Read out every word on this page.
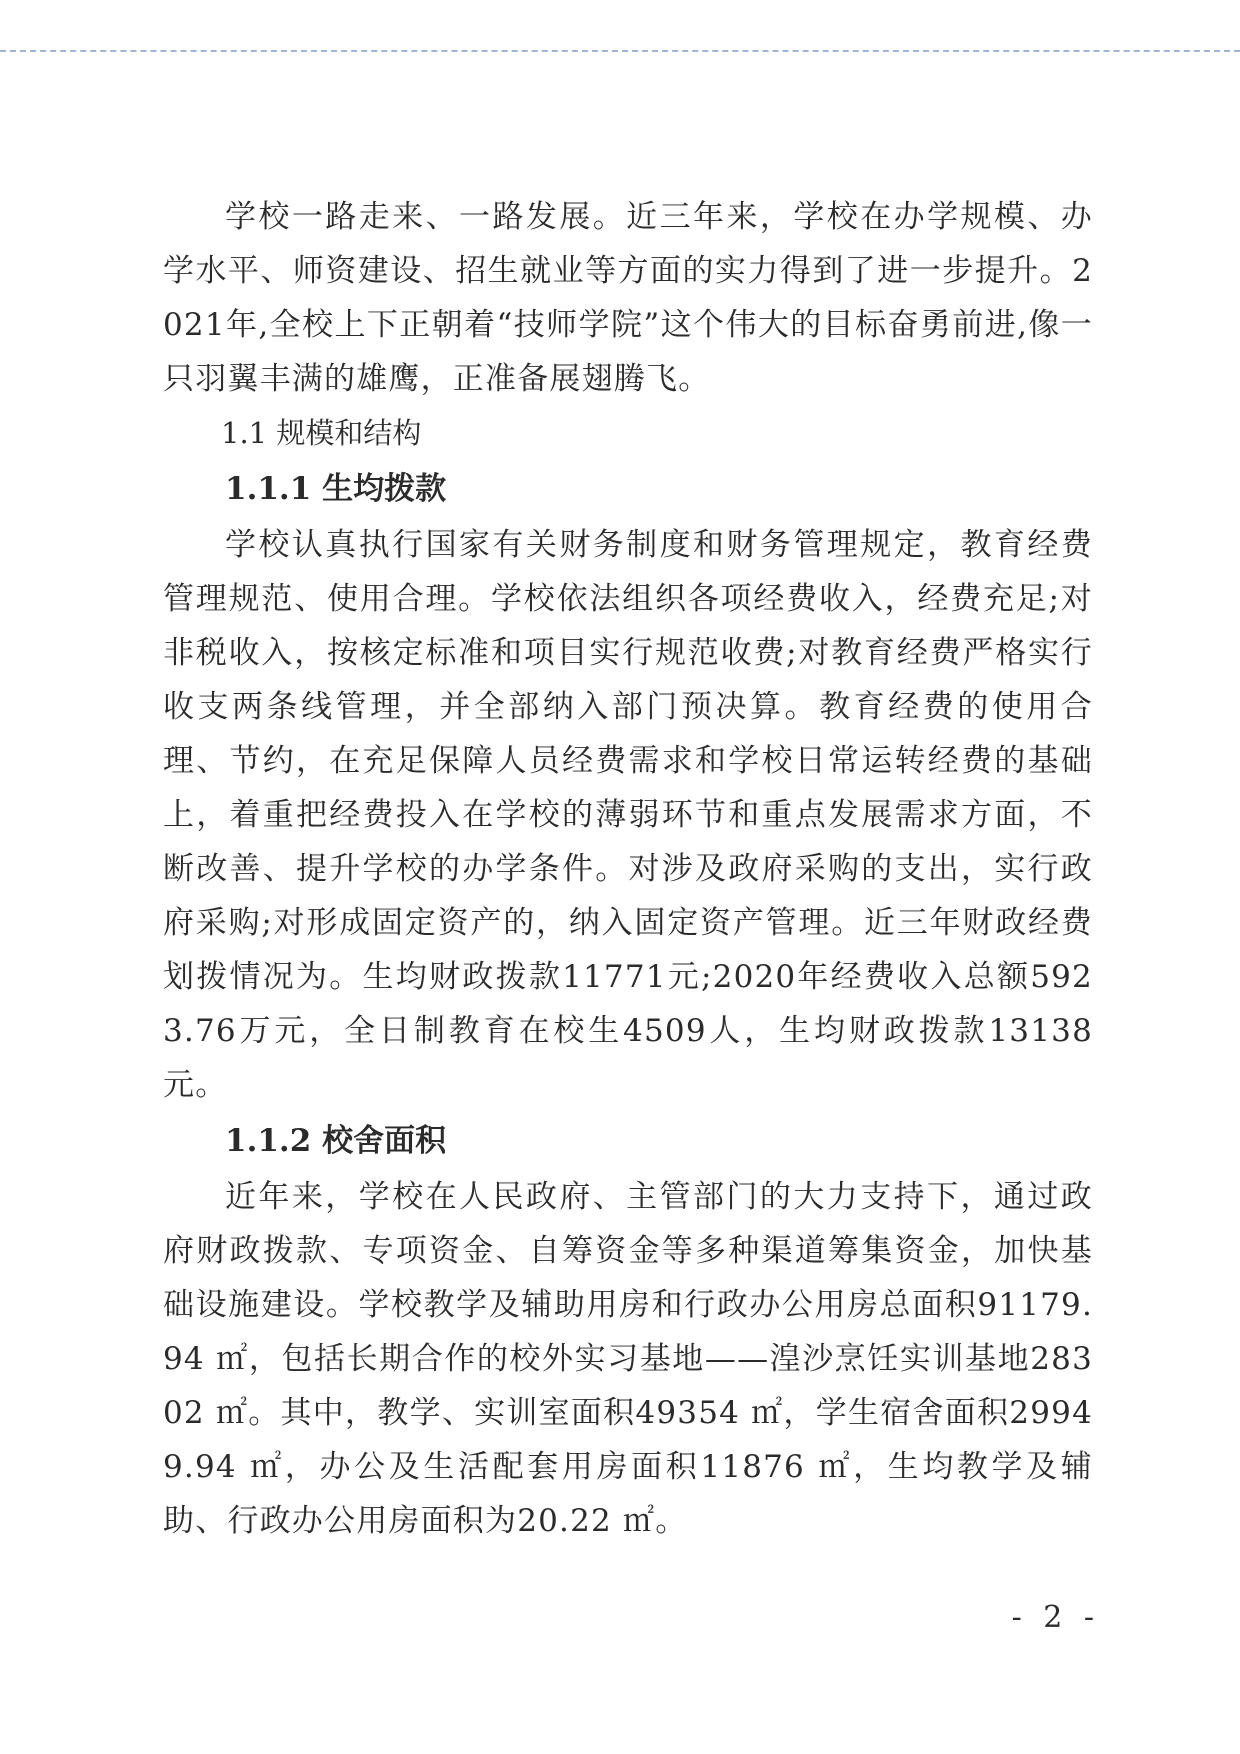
学校一路走来、一路发展。近三年来，学校在办学规模、办学水平、师资建设、招生就业等方面的实力得到了进一步提升。2021年,全校上下正朝着“技师学院”这个伟大的目标奋勇前进,像一只羽翼丰满的雄鹰，正准备展翅腾飞。

1.1 规模和结构

1.1.1 生均拨款

学校认真执行国家有关财务制度和财务管理规定，教育经费管理规范、使用合理。学校依法组织各项经费收入，经费充足;对非税收入，按核定标准和项目实行规范收费;对教育经费严格实行收支两条线管理，并全部纳入部门预决算。教育经费的使用合理、节约，在充足保障人员经费需求和学校日常运转经费的基础上，着重把经费投入在学校的薄弱环节和重点发展需求方面，不断改善、提升学校的办学条件。对涉及政府采购的支出，实行政府采购;对形成固定资产的，纳入固定资产管理。近三年财政经费划拨情况为。生均财政拨款11771元;2020年经费收入总额5923.76万元，全日制教育在校生4509人，生均财政拨款13138元。

1.1.2 校舍面积

近年来，学校在人民政府、主管部门的大力支持下，通过政府财政拨款、专项资金、自筹资金等多种渠道筹集资金，加快基础设施建设。学校教学及辅助用房和行政办公用房总面积91179.94 ㎡，包括长期合作的校外实习基地——湟沙烹饪实训基地28302 ㎡。其中，教学、实训室面积49354 ㎡，学生宿舍面积29949.94 ㎡，办公及生活配套用房面积11876 ㎡，生均教学及辅助、行政办公用房面积为20.22 ㎡。

- 2 -
